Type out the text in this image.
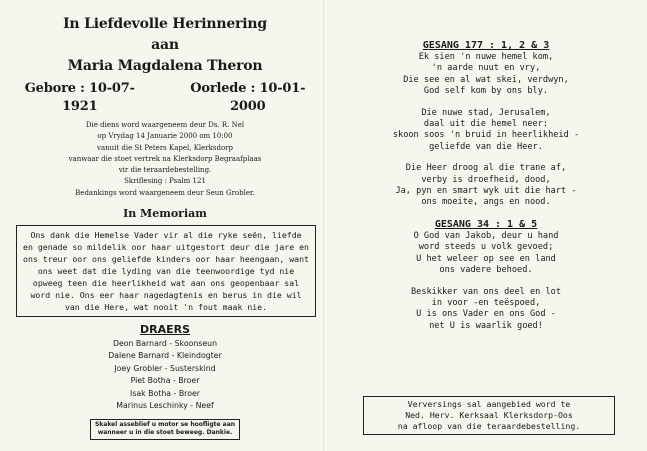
In Liefdevolle Herinnering
aan
Maria Magdalena Theron
Gebore : 10-07-1921
Oorlede : 10-01-2000
Die diens word waargeneem deur Ds. R. Nel
op Vrydag 14 Januarie 2000 om 10:00
vanuit die St Peters Kapel, Klerksdorp
vanwaar die stoet vertrek na Klerksdorp Begraafplaas
vir die teraardebestelling.
Skriflesing : Psalm 121
Bedankings word waargeneem deur Seun Grobler.
In Memoriam
Ons dank die Hemelse Vader vir al die ryke seën, liefde
en genade so mildelik oor haar uitgestort deur die jare en
ons treur oor ons geliefde kinders oor haar heengaan, want
ons weet dat die lyding van die teenwoordige tyd nie
opweeg teen die heerlikheid wat aan ons geopenbaar sal
word nie. Ons eer haar nagedagtenis en berus in die wil
van die Here, wat nooit 'n fout maak nie.
DRAERS
Deon Barnard - Skoonseun
Dalene Barnard - Kleindogter
Joey Grobler - Susterskind
Piet Botha - Broer
Isak Botha - Broer
Marinus Leschinky - Neef
Skakel asseblief u motor se hoofligte aan
wanneer u in die stoet beweeg. Dankie.
GESANG 177 : 1, 2 & 3
Ek sien 'n nuwe hemel kom,
'n aarde nuut en vry,
Die see en al wat skei, verdwyn,
God self kom by ons bly.
Die nuwe stad, Jerusalem,
daal uit die hemel neer:
skoon soos 'n bruid in heerlikheid -
geliefde van die Heer.
Die Heer droog al die trane af,
verby is droefheid, dood,
Ja, pyn en smart wyk uit die hart -
ons moeite, angs en nood.
GESANG 34 : 1 & 5
O God van Jakob, deur u hand
word steeds u volk gevoed;
U het weleer op see en land
ons vadere behoed.
Beskikker van ons deel en lot
in voor -en teëspoed,
U is ons Vader en ons God -
net U is waarlik goed!
Verversings sal aangebied word te
Ned. Herv. Kerksaal Klerksdorp-Oos
na afloop van die teraardebestelling.
